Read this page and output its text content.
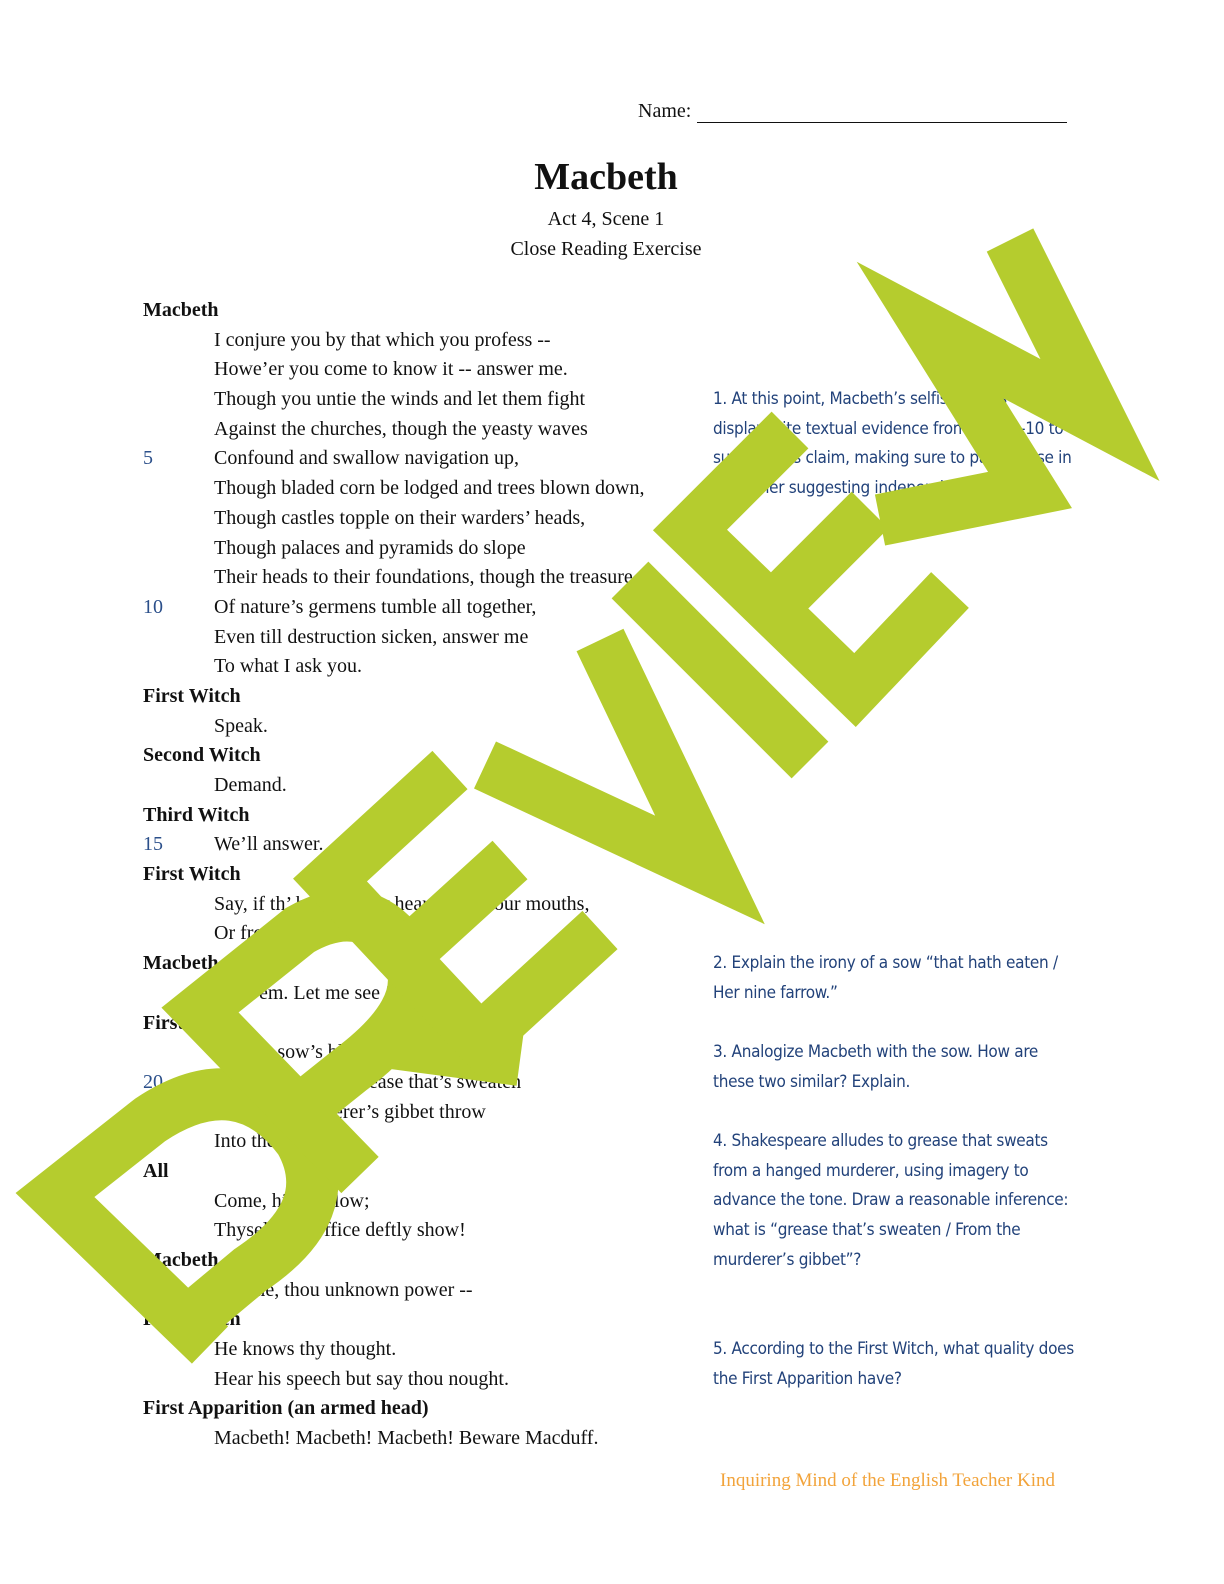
Name:
Macbeth
Act 4, Scene 1
Close Reading Exercise
Macbeth
I conjure you by that which you profess --
Howe’er you come to know it -- answer me.
Though you untie the winds and let them fight
Against the churches, though the yeasty waves
5	Confound and swallow navigation up,
Though bladed corn be lodged and trees blown down,
Though castles topple on their warders’ heads,
Though palaces and pyramids do slope
Their heads to their foundations, though the treasure
10	Of nature’s germens tumble all together,
Even till destruction sicken, answer me
To what I ask you.
First Witch
Speak.
Second Witch
Demand.
Third Witch
15	We’ll answer.
First Witch
Say, if th’ hadst rather hear it from our mouths,
Or from our masters?
Macbeth
Call ’em. Let me see ’em.
First Witch
Pour in sow’s blood, that hath eaten
20	Her nine farrow; grease that’s sweaten
From the murderer’s gibbet throw
Into the flame.
All
Come, high or low;
Thyself and office deftly show!
Macbeth
Tell me, thou unknown power --
First Witch
He knows thy thought.
Hear his speech but say thou nought.
First Apparition (an armed head)
Macbeth! Macbeth! Macbeth! Beware Macduff.
1. At this point, Macbeth’s selfishness is on full display. Cite textual evidence from lines 1-10 to support this claim, making sure to paraphrase in a manner suggesting independent thought.
2. Explain the irony of a sow “that hath eaten / Her nine farrow.”
3. Analogize Macbeth with the sow. How are these two similar? Explain.
4. Shakespeare alludes to grease that sweats from a hanged murderer, using imagery to advance the tone. Draw a reasonable inference: what is “grease that’s sweaten / From the murderer’s gibbet”?
5. According to the First Witch, what quality does the First Apparition have?
Inquiring Mind of the English Teacher Kind
